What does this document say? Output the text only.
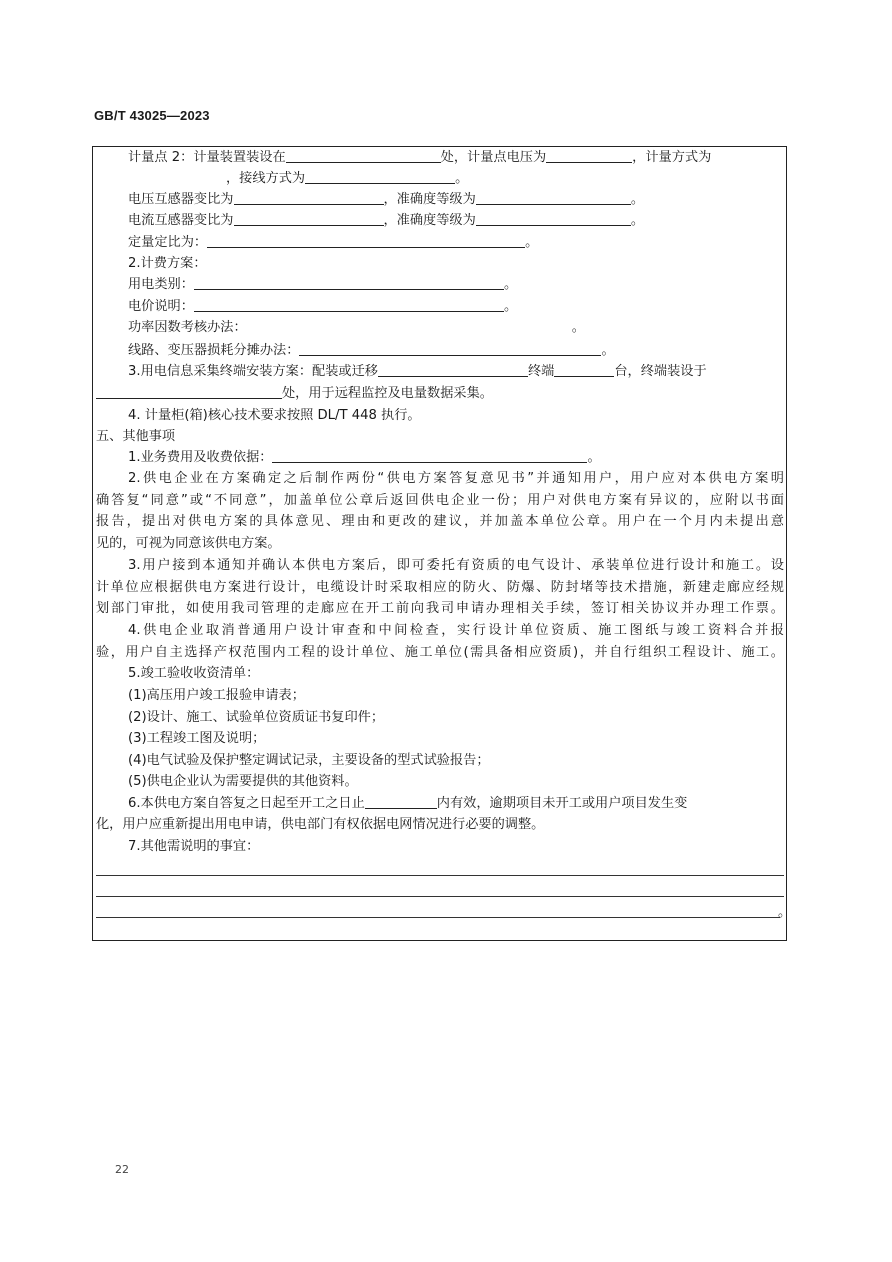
GB/T 43025—2023
计量点 2：计量装置装设在	处，计量点电压为	，计量方式为
，接线方式为	。
电压互感器变比为	，准确度等级为	。
电流互感器变比为	，准确度等级为	。
定量定比为：	。
2.计费方案：
用电类别：	。
电价说明：	。
功率因数考核办法：	。
线路、变压器损耗分摊办法：	。
3.用电信息采集终端安装方案：配装或迁移	终端	台，终端装设于
处，用于远程监控及电量数据采集。
4. 计量柜(箱)核心技术要求按照 DL/T 448 执行。
五、其他事项
1.业务费用及收费依据：	。
2.供电企业在方案确定之后制作两份“供电方案答复意见书”并通知用户，用户应对本供电方案明
确答复“同意”或“不同意”，加盖单位公章后返回供电企业一份；用户对供电方案有异议的，应附以书面
报告，提出对供电方案的具体意见、理由和更改的建议，并加盖本单位公章。用户在一个月内未提出意
见的，可视为同意该供电方案。
3.用户接到本通知并确认本供电方案后，即可委托有资质的电气设计、承装单位进行设计和施工。设
计单位应根据供电方案进行设计，电缆设计时采取相应的防火、防爆、防封堵等技术措施，新建走廊应经规
划部门审批，如使用我司管理的走廊应在开工前向我司申请办理相关手续，签订相关协议并办理工作票。
4.供电企业取消普通用户设计审查和中间检查，实行设计单位资质、施工图纸与竣工资料合并报
验，用户自主选择产权范围内工程的设计单位、施工单位(需具备相应资质)，并自行组织工程设计、施工。
5.竣工验收收资清单：
(1)高压用户竣工报验申请表；
(2)设计、施工、试验单位资质证书复印件；
(3)工程竣工图及说明；
(4)电气试验及保护整定调试记录，主要设备的型式试验报告；
(5)供电企业认为需要提供的其他资料。
6.本供电方案自答复之日起至开工之日止	内有效，逾期项目未开工或用户项目发生变
化，用户应重新提出用电申请，供电部门有权依据电网情况进行必要的调整。
7.其他需说明的事宜：
。
22
